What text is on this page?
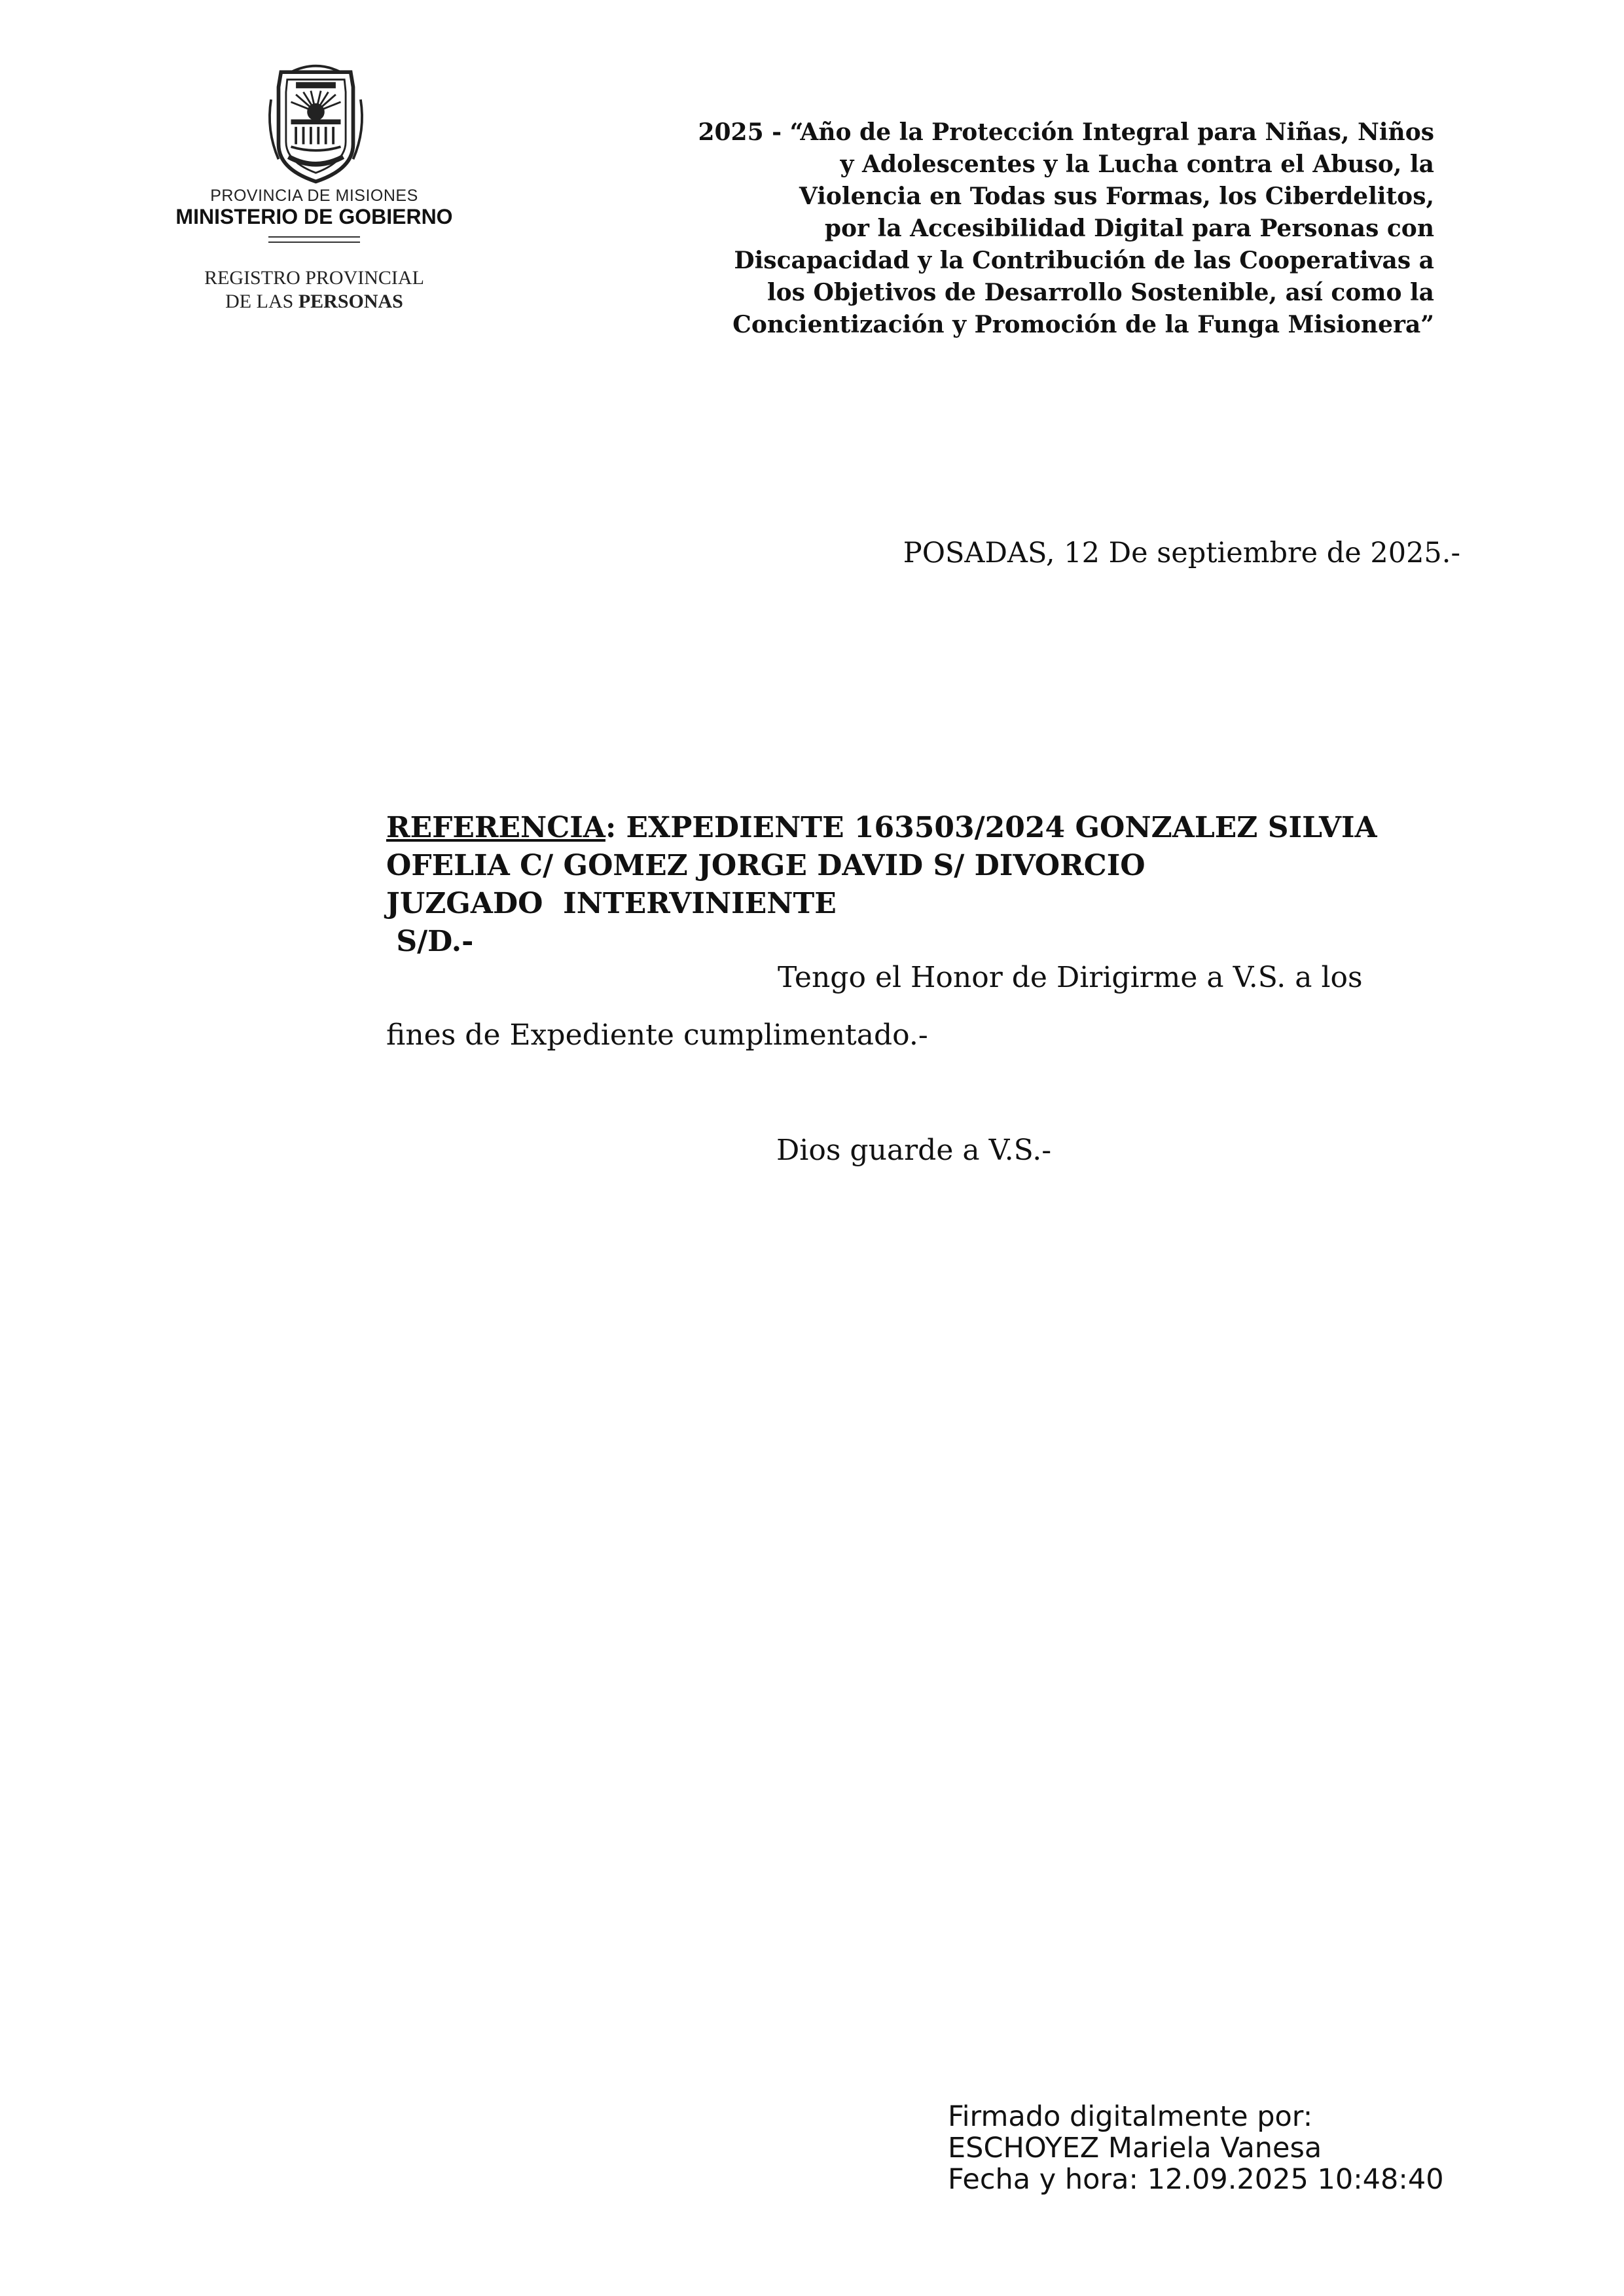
PROVINCIA DE MISIONES
MINISTERIO DE GOBIERNO
REGISTRO PROVINCIAL
DE LAS PERSONAS
2025 - “Año de la Protección Integral para Niñas, Niños
y Adolescentes y la Lucha contra el Abuso, la
Violencia en Todas sus Formas, los Ciberdelitos,
por la Accesibilidad Digital para Personas con
Discapacidad y la Contribución de las Cooperativas a
los Objetivos de Desarrollo Sostenible, así como la
Concientización y Promoción de la Funga Misionera”
POSADAS, 12 De septiembre de 2025.-
REFERENCIA: EXPEDIENTE 163503/2024 GONZALEZ SILVIA
OFELIA C/ GOMEZ JORGE DAVID S/ DIVORCIO
JUZGADO  INTERVINIENTE
S/D.-
Tengo el Honor de Dirigirme a V.S. a los
fines de Expediente cumplimentado.-
Dios guarde a V.S.-
Firmado digitalmente por:
ESCHOYEZ Mariela Vanesa
Fecha y hora: 12.09.2025 10:48:40
